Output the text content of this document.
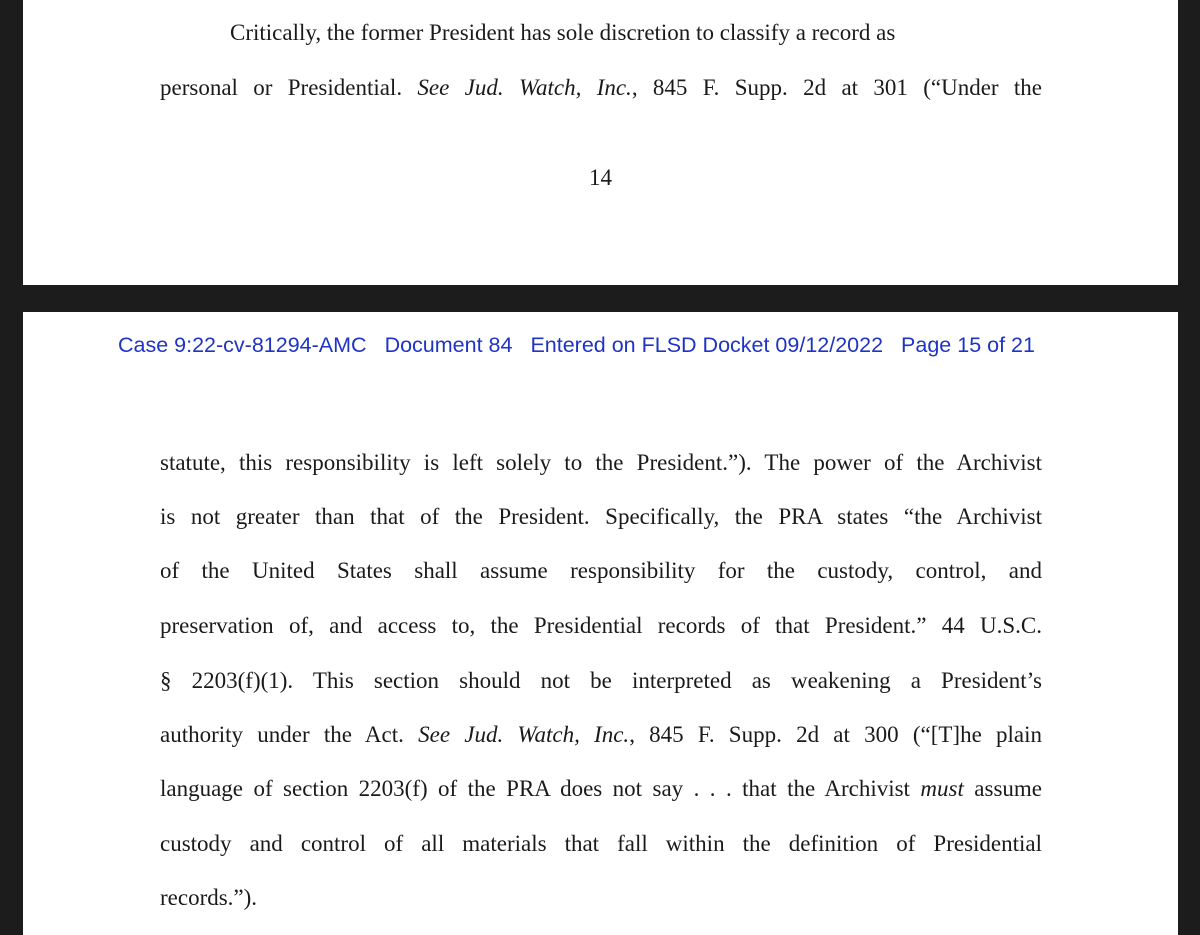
Critically, the former President has sole discretion to classify a record as
personal or Presidential. See Jud. Watch, Inc., 845 F. Supp. 2d at 301 (“Under the
14
Case 9:22-cv-81294-AMC Document 84 Entered on FLSD Docket 09/12/2022 Page 15 of 21
statute, this responsibility is left solely to the President.”). The power of the Archivist
is not greater than that of the President. Specifically, the PRA states “the Archivist
of the United States shall assume responsibility for the custody, control, and
preservation of, and access to, the Presidential records of that President.” 44 U.S.C.
§ 2203(f)(1). This section should not be interpreted as weakening a President’s
authority under the Act. See Jud. Watch, Inc., 845 F. Supp. 2d at 300 (“[T]he plain
language of section 2203(f) of the PRA does not say . . . that the Archivist must assume
custody and control of all materials that fall within the definition of Presidential
records.”).
